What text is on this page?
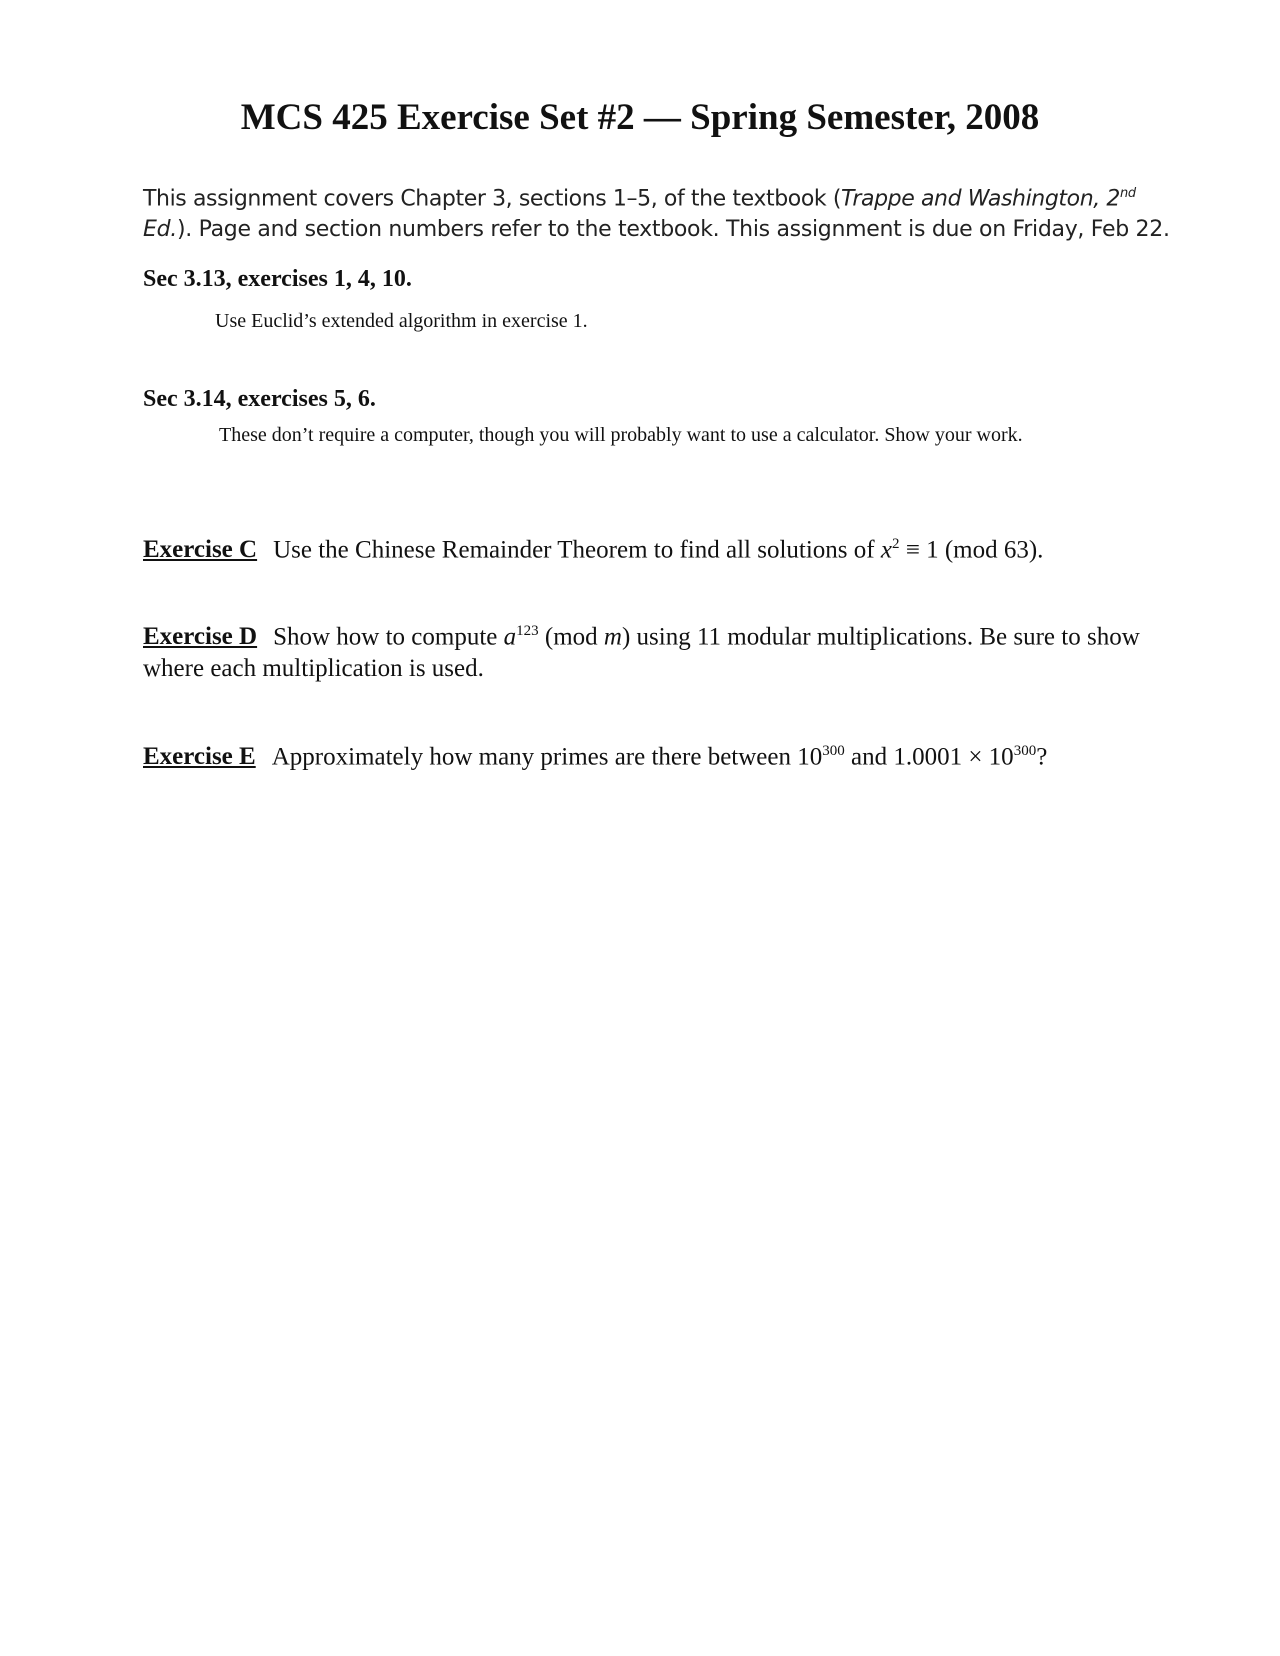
MCS 425 Exercise Set #2 — Spring Semester, 2008
This assignment covers Chapter 3, sections 1–5, of the textbook (Trappe and Washington, 2nd
Ed.). Page and section numbers refer to the textbook. This assignment is due on Friday, Feb 22.
Sec 3.13, exercises 1, 4, 10.

Use Euclid’s extended algorithm in exercise 1.

Sec 3.14, exercises 5, 6.

These don’t require a computer, though you will probably want to use a calculator. Show your work.

Exercise C Use the Chinese Remainder Theorem to find all solutions of $x^2 \equiv 1$ (mod 63).
Exercise D Show how to compute $a^{123}$ (mod m) using 11 modular multiplications. Be sure to show where each multiplication is used.
Exercise E Approximately how many primes are there between $10^{300}$ and $1.0001 \times 10^{300}$?
